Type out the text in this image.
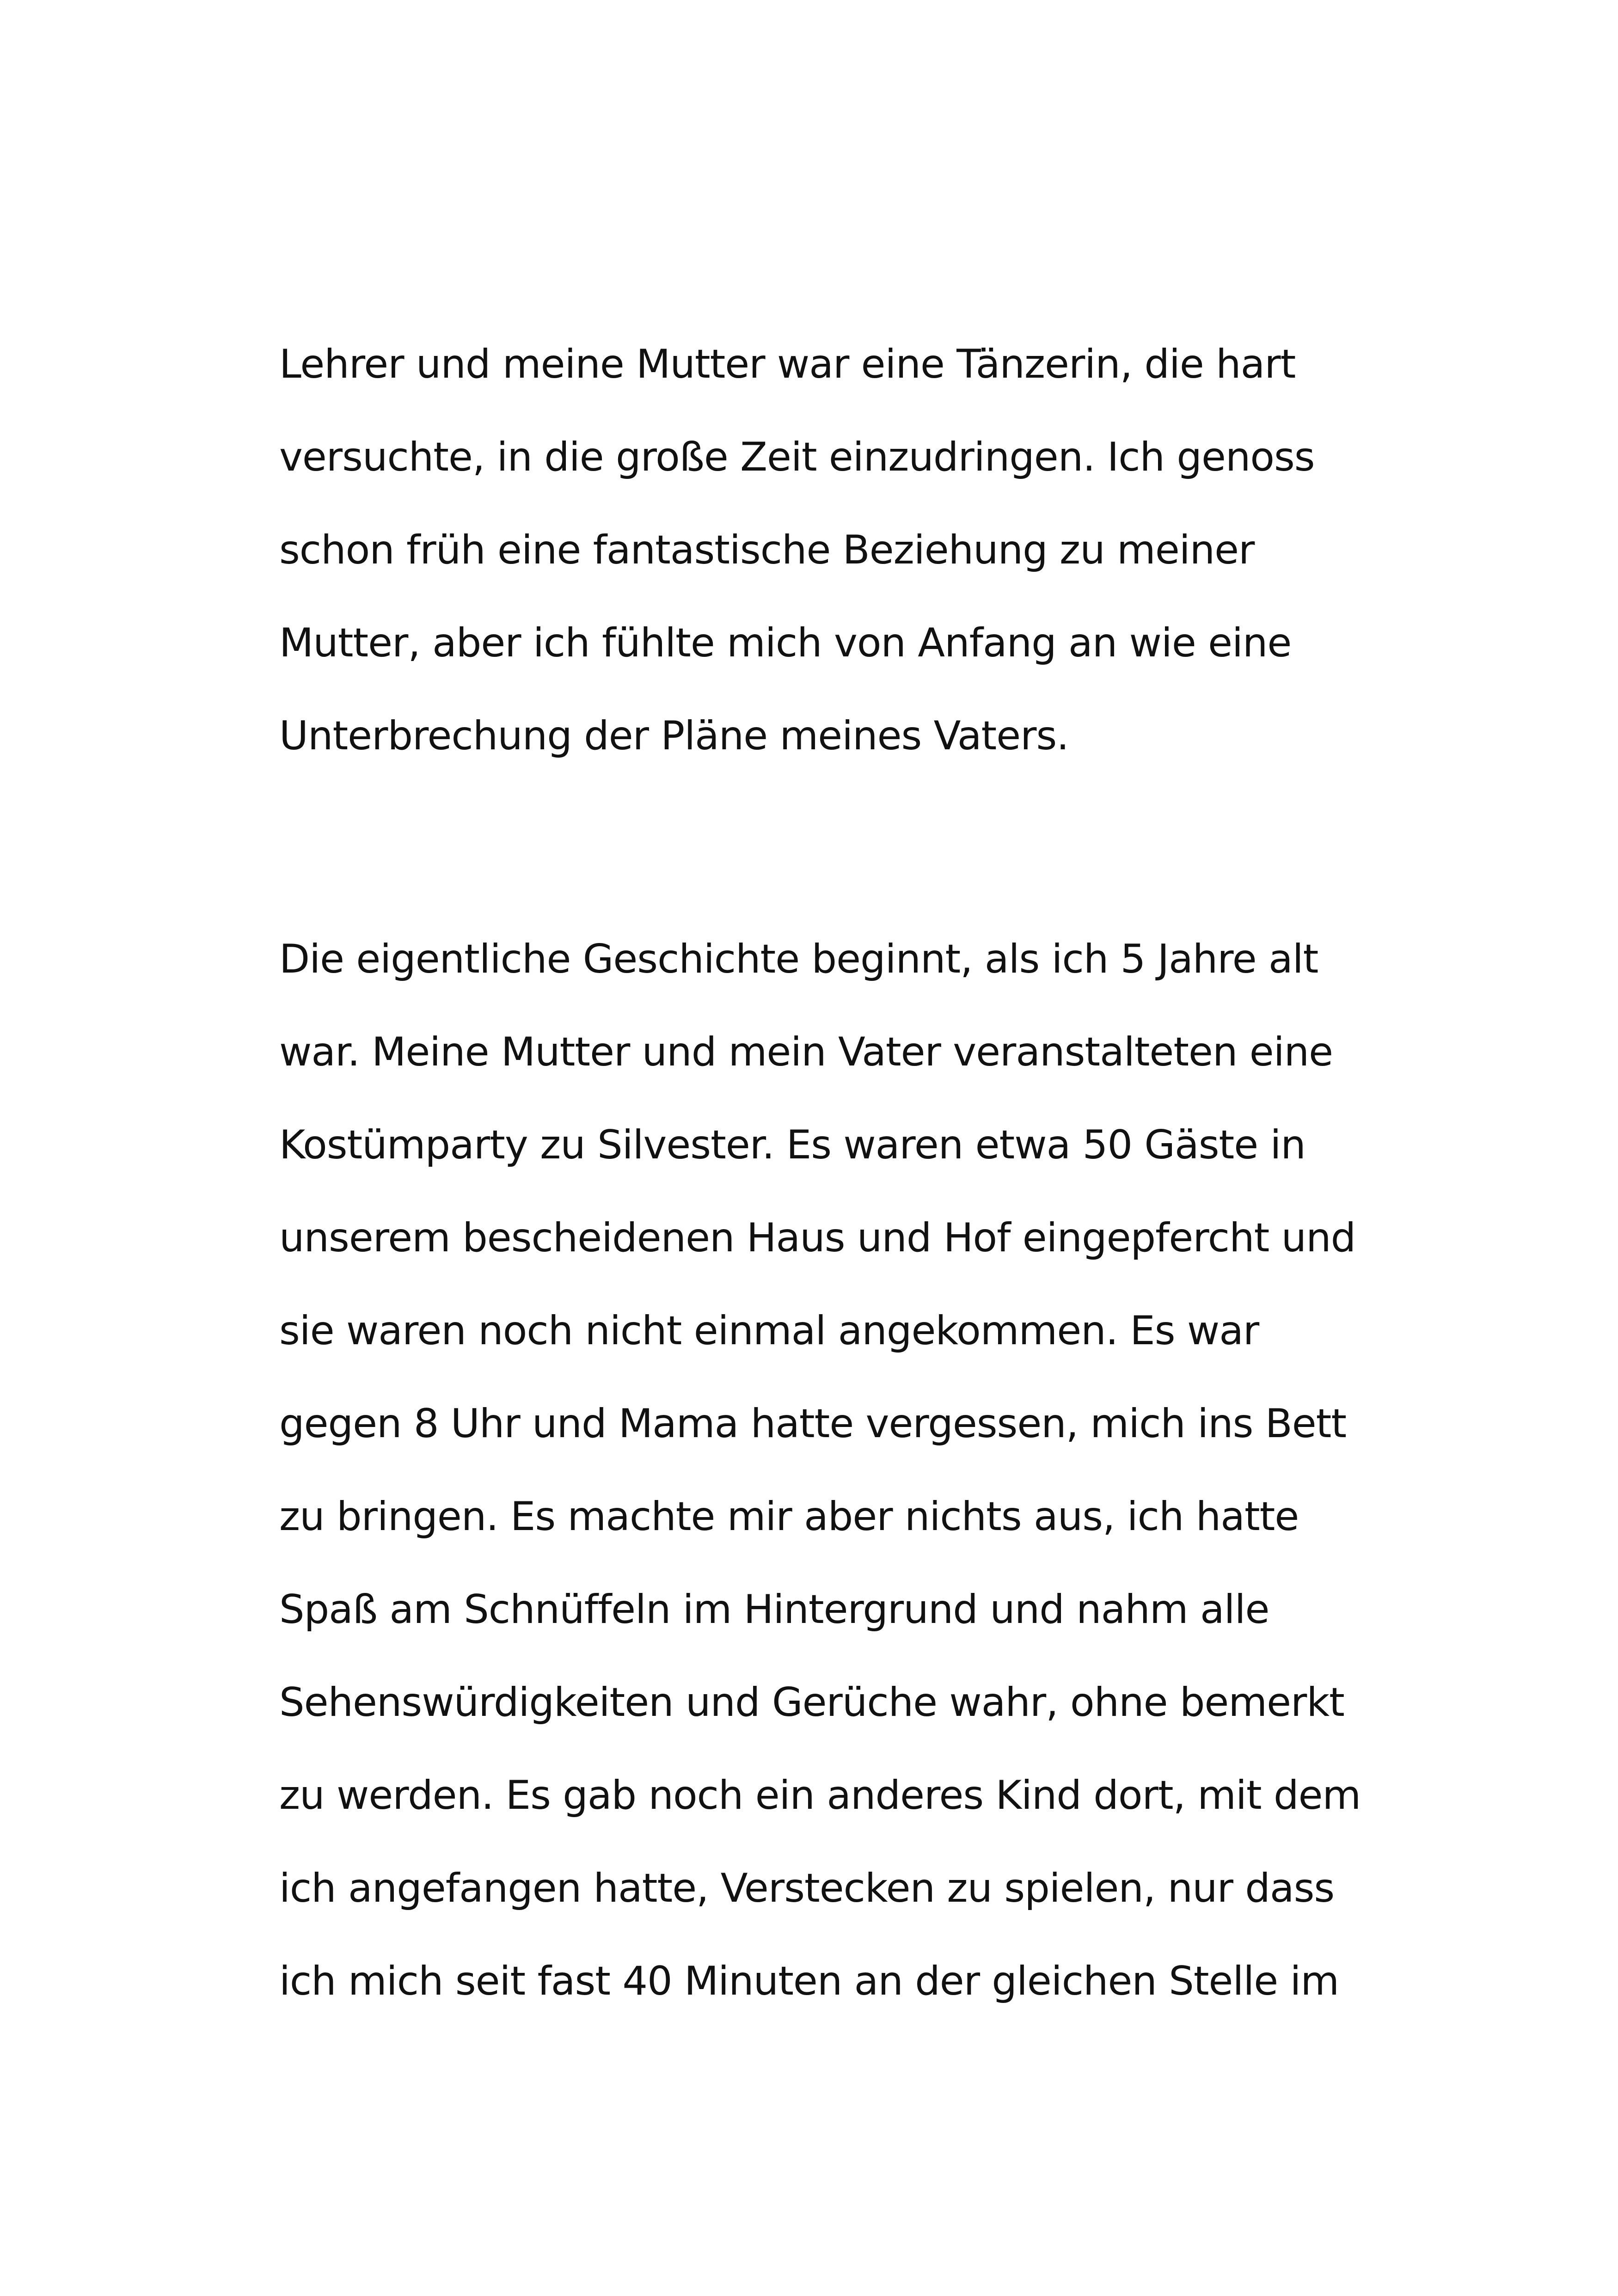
Lehrer und meine Mutter war eine Tänzerin, die hart
versuchte, in die große Zeit einzudringen. Ich genoss
schon früh eine fantastische Beziehung zu meiner
Mutter, aber ich fühlte mich von Anfang an wie eine
Unterbrechung der Pläne meines Vaters.
Die eigentliche Geschichte beginnt, als ich 5 Jahre alt
war. Meine Mutter und mein Vater veranstalteten eine
Kostümparty zu Silvester. Es waren etwa 50 Gäste in
unserem bescheidenen Haus und Hof eingepfercht und
sie waren noch nicht einmal angekommen. Es war
gegen 8 Uhr und Mama hatte vergessen, mich ins Bett
zu bringen. Es machte mir aber nichts aus, ich hatte
Spaß am Schnüffeln im Hintergrund und nahm alle
Sehenswürdigkeiten und Gerüche wahr, ohne bemerkt
zu werden. Es gab noch ein anderes Kind dort, mit dem
ich angefangen hatte, Verstecken zu spielen, nur dass
ich mich seit fast 40 Minuten an der gleichen Stelle im
